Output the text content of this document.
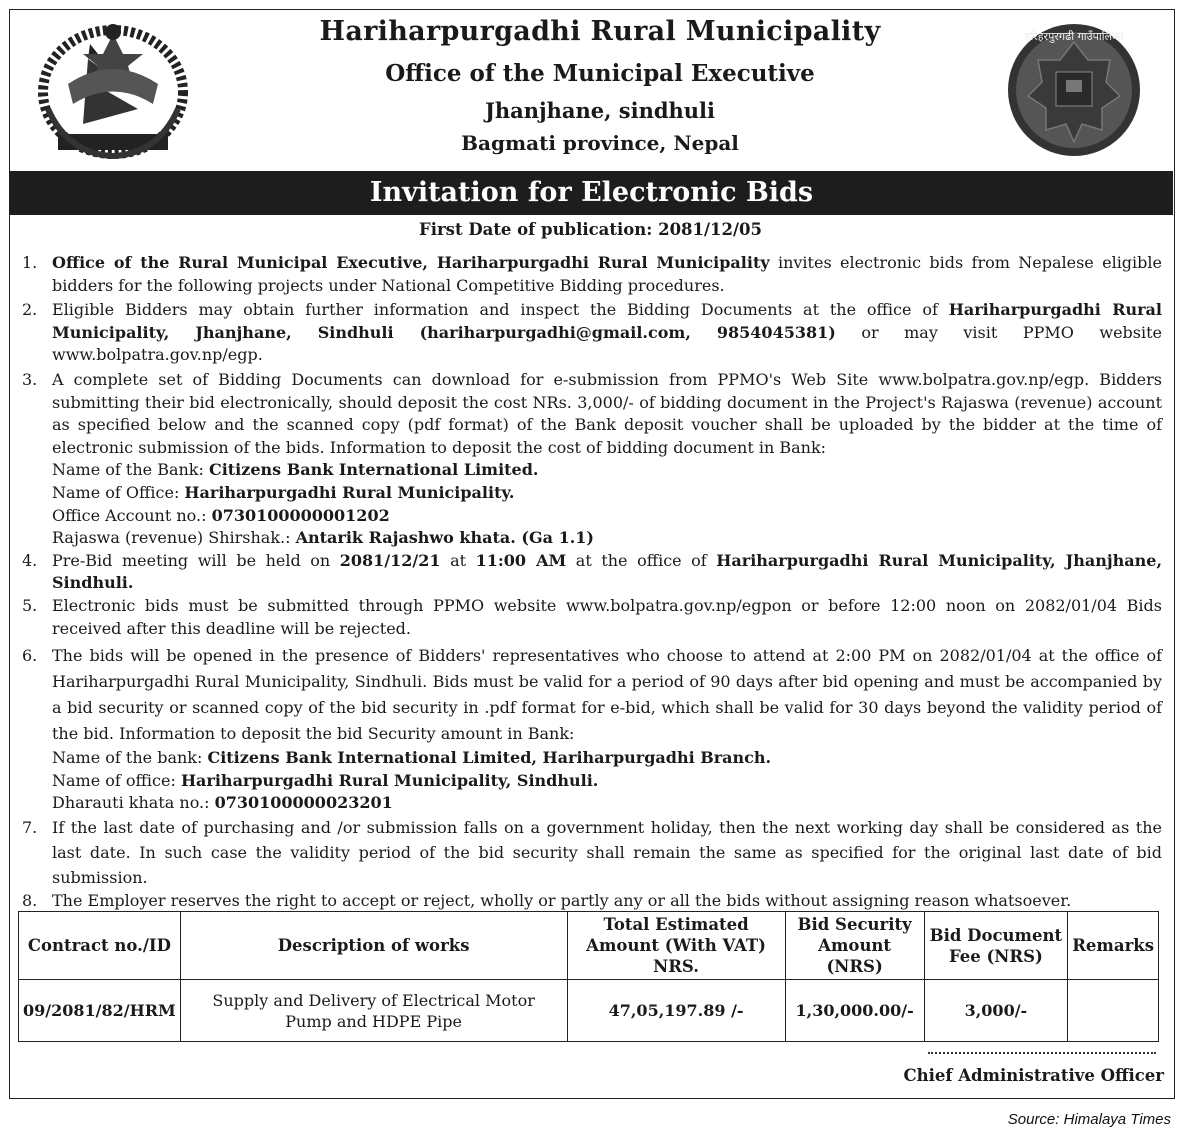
Hariharpurgadhi Rural Municipality
Office of the Municipal Executive
Jhanjhane, sindhuli
Bagmati province, Nepal
हरिहरपुरगढी गाउँपालिका
Invitation for Electronic Bids
First Date of publication: 2081/12/05
1. Office of the Rural Municipal Executive, Hariharpurgadhi Rural Municipality invites electronic bids from Nepalese eligible bidders for the following projects under National Competitive Bidding procedures.
2. Eligible Bidders may obtain further information and inspect the Bidding Documents at the office of Hariharpurgadhi Rural Municipality, Jhanjhane, Sindhuli (hariharpurgadhi@gmail.com, 9854045381) or may visit PPMO website www.bolpatra.gov.np/egp.
3. A complete set of Bidding Documents can download for e-submission from PPMO's Web Site www.bolpatra.gov.np/egp. Bidders submitting their bid electronically, should deposit the cost NRs. 3,000/- of bidding document in the Project's Rajaswa (revenue) account as specified below and the scanned copy (pdf format) of the Bank deposit voucher shall be uploaded by the bidder at the time of electronic submission of the bids. Information to deposit the cost of bidding document in Bank:
Name of the Bank: Citizens Bank International Limited.
Name of Office: Hariharpurgadhi Rural Municipality.
Office Account no.: 0730100000001202
Rajaswa (revenue) Shirshak.: Antarik Rajashwo khata. (Ga 1.1)
4. Pre-Bid meeting will be held on 2081/12/21 at 11:00 AM at the office of Hariharpurgadhi Rural Municipality, Jhanjhane, Sindhuli.
5. Electronic bids must be submitted through PPMO website www.bolpatra.gov.np/egpon or before 12:00 noon on 2082/01/04 Bids received after this deadline will be rejected.
6. The bids will be opened in the presence of Bidders' representatives who choose to attend at 2:00 PM on 2082/01/04 at the office of Hariharpurgadhi Rural Municipality, Sindhuli. Bids must be valid for a period of 90 days after bid opening and must be accompanied by a bid security or scanned copy of the bid security in .pdf format for e-bid, which shall be valid for 30 days beyond the validity period of the bid. Information to deposit the bid Security amount in Bank:
Name of the bank: Citizens Bank International Limited, Hariharpurgadhi Branch.
Name of office: Hariharpurgadhi Rural Municipality, Sindhuli.
Dharauti khata no.: 0730100000023201
7. If the last date of purchasing and /or submission falls on a government holiday, then the next working day shall be considered as the last date. In such case the validity period of the bid security shall remain the same as specified for the original last date of bid submission.
8. The Employer reserves the right to accept or reject, wholly or partly any or all the bids without assigning reason whatsoever.
Contract no./ID	Description of works	Total Estimated Amount (With VAT) NRS.	Bid Security Amount (NRS)	Bid Document Fee (NRS)	Remarks
09/2081/82/HRM	Supply and Delivery of Electrical Motor Pump and HDPE Pipe	47,05,197.89 /-	1,30,000.00/-	3,000/-	
Chief Administrative Officer
Source: Himalaya Times
